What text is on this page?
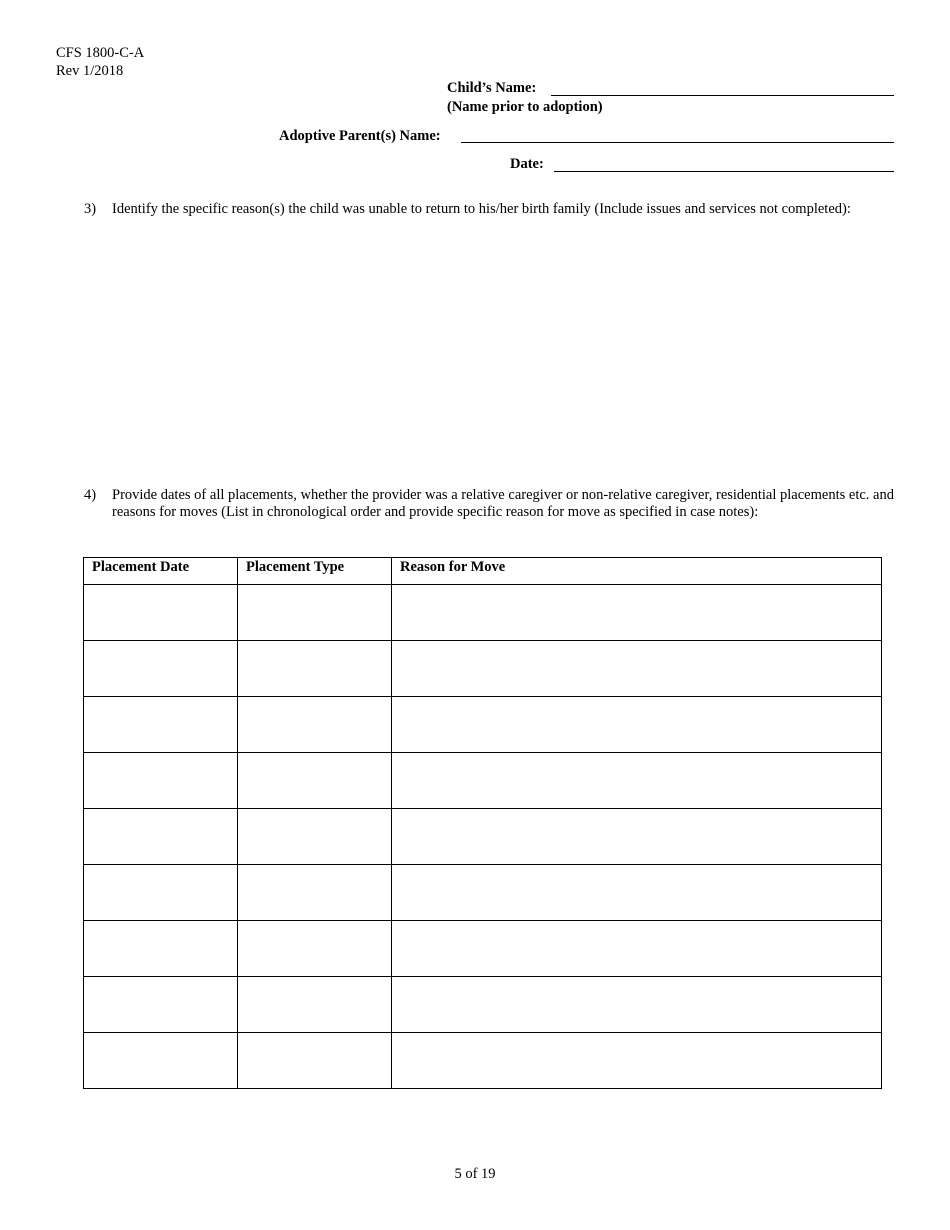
CFS 1800-C-A
Rev 1/2018
Child’s Name:
(Name prior to adoption)
Adoptive Parent(s) Name:
Date:
3) Identify the specific reason(s) the child was unable to return to his/her birth family (Include issues and services not completed):
4) Provide dates of all placements, whether the provider was a relative caregiver or non-relative caregiver, residential placements etc. and reasons for moves (List in chronological order and provide specific reason for move as specified in case notes):
Placement Date	Placement Type	Reason for Move

5 of 19
